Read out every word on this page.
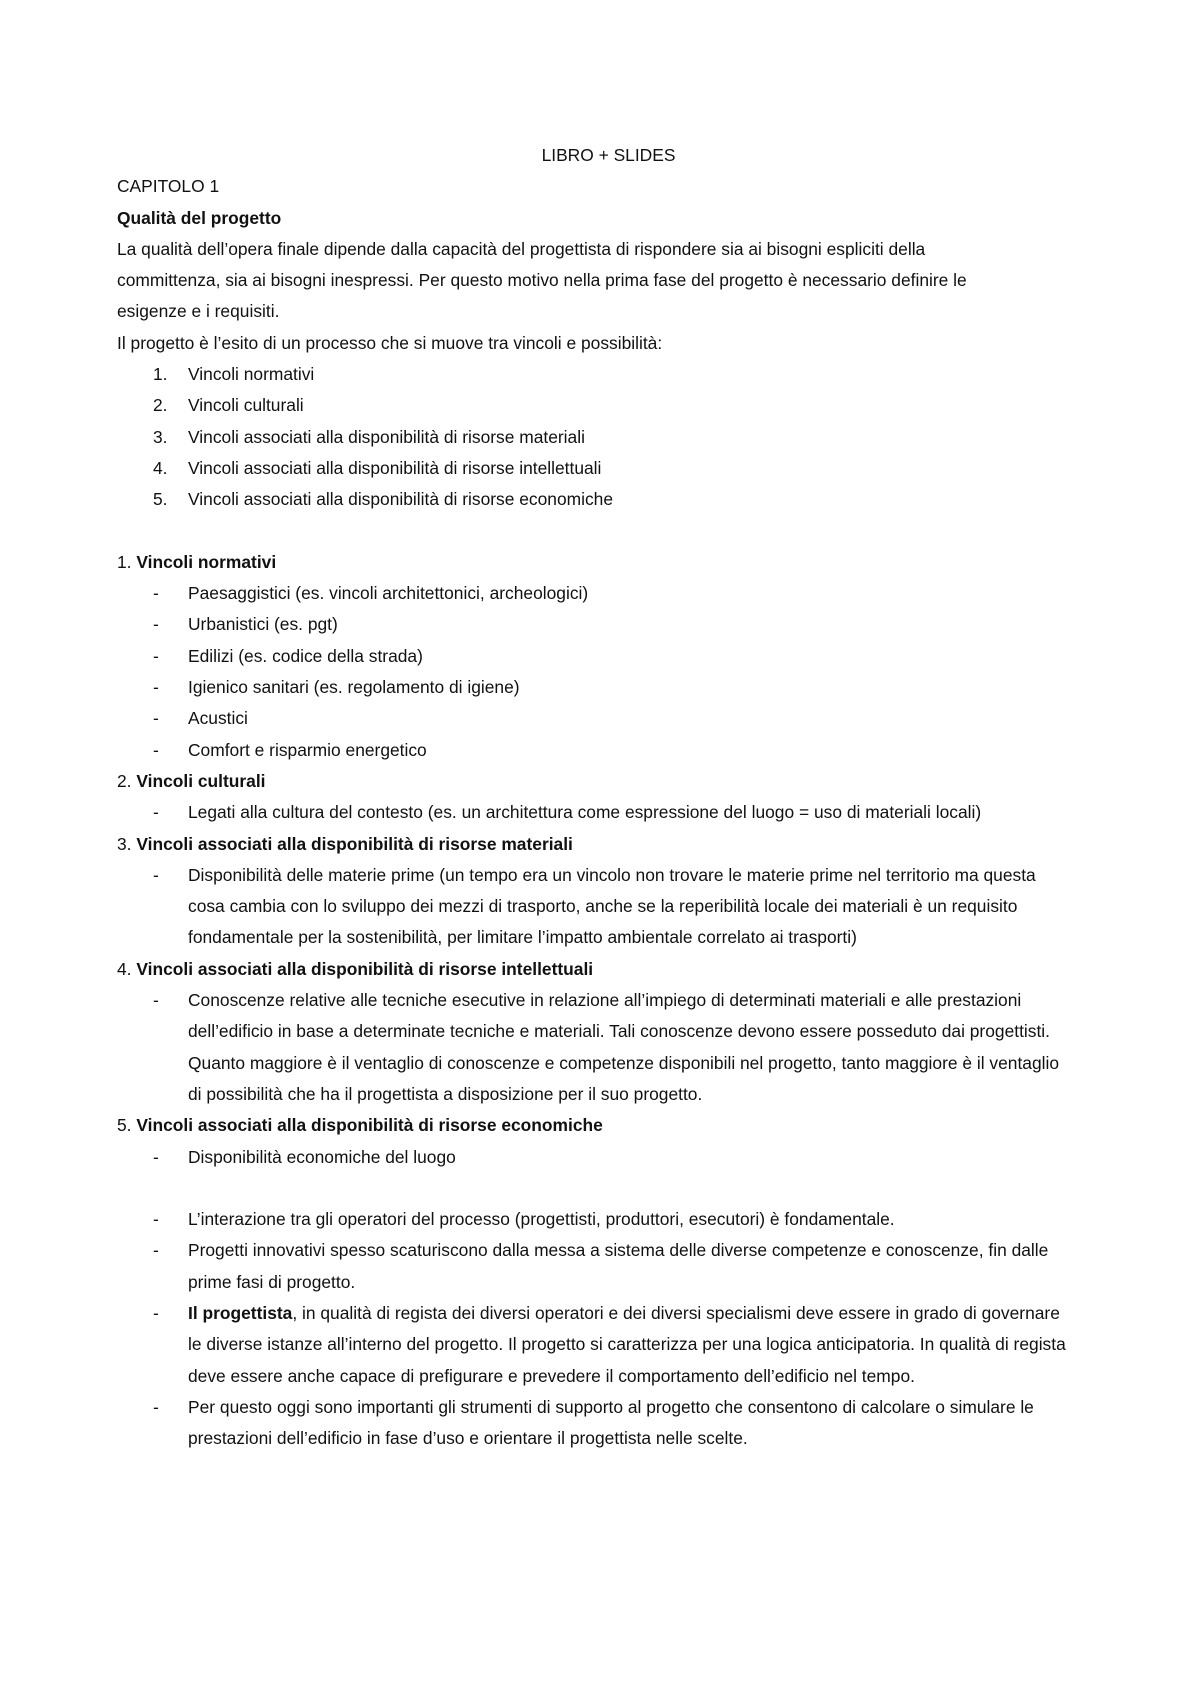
LIBRO + SLIDES
CAPITOLO 1
Qualità del progetto
La qualità dell’opera finale dipende dalla capacità del progettista di rispondere sia ai bisogni espliciti della committenza, sia ai bisogni inespressi. Per questo motivo nella prima fase del progetto è necessario definire le esigenze e i requisiti.
Il progetto è l’esito di un processo che si muove tra vincoli e possibilità:
1.	Vincoli normativi
2.	Vincoli culturali
3.	Vincoli associati alla disponibilità di risorse materiali
4.	Vincoli associati alla disponibilità di risorse intellettuali
5.	Vincoli associati alla disponibilità di risorse economiche
1. Vincoli normativi
-	Paesaggistici (es. vincoli architettonici, archeologici)
-	Urbanistici (es. pgt)
-	Edilizi (es. codice della strada)
-	Igienico sanitari (es. regolamento di igiene)
-	Acustici
-	Comfort e risparmio energetico
2. Vincoli culturali
-	Legati alla cultura del contesto (es. un architettura come espressione del luogo = uso di materiali locali)
3. Vincoli associati alla disponibilità di risorse materiali
-	Disponibilità delle materie prime (un tempo era un vincolo non trovare le materie prime nel territorio ma questa cosa cambia con lo sviluppo dei mezzi di trasporto, anche se la reperibilità locale dei materiali è un requisito fondamentale per la sostenibilità, per limitare l’impatto ambientale correlato ai trasporti)
4. Vincoli associati alla disponibilità di risorse intellettuali
-	Conoscenze relative alle tecniche esecutive in relazione all’impiego di determinati materiali e alle prestazioni dell’edificio in base a determinate tecniche e materiali. Tali conoscenze devono essere posseduto dai progettisti. Quanto maggiore è il ventaglio di conoscenze e competenze disponibili nel progetto, tanto maggiore è il ventaglio di possibilità che ha il progettista a disposizione per il suo progetto.
5. Vincoli associati alla disponibilità di risorse economiche
-	Disponibilità economiche del luogo
-	L’interazione tra gli operatori del processo (progettisti, produttori, esecutori) è fondamentale.
-	Progetti innovativi spesso scaturiscono dalla messa a sistema delle diverse competenze e conoscenze, fin dalle prime fasi di progetto.
-	Il progettista, in qualità di regista dei diversi operatori e dei diversi specialismi deve essere in grado di governare le diverse istanze all’interno del progetto. Il progetto si caratterizza per una logica anticipatoria. In qualità di regista deve essere anche capace di prefigurare e prevedere il comportamento dell’edificio nel tempo.
-	Per questo oggi sono importanti gli strumenti di supporto al progetto che consentono di calcolare o simulare le prestazioni dell’edificio in fase d’uso e orientare il progettista nelle scelte.
